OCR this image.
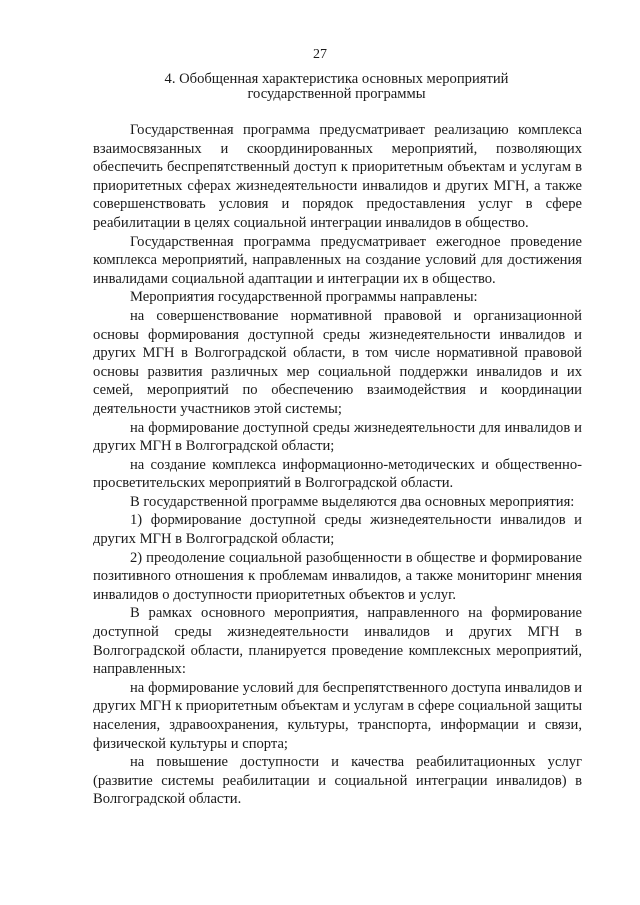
27
4. Обобщенная характеристика основных мероприятий
государственной программы

Государственная программа предусматривает реализацию комплекса взаимосвязанных и скоординированных мероприятий, позволяющих обеспечить беспрепятственный доступ к приоритетным объектам и услугам в приоритетных сферах жизнедеятельности инвалидов и других МГН, а также совершенствовать условия и порядок предоставления услуг в сфере реабилитации в целях социальной интеграции инвалидов в общество.

Государственная программа предусматривает ежегодное проведение комплекса мероприятий, направленных на создание условий для достижения инвалидами социальной адаптации и интеграции их в общество.

Мероприятия государственной программы направлены:

на совершенствование нормативной правовой и организационной основы формирования доступной среды жизнедеятельности инвалидов и других МГН в Волгоградской области, в том числе нормативной правовой основы развития различных мер социальной поддержки инвалидов и их семей, мероприятий по обеспечению взаимодействия и координации деятельности участников этой системы;

на формирование доступной среды жизнедеятельности для инвалидов и других МГН в Волгоградской области;

на создание комплекса информационно-методических и общественно-просветительских мероприятий в Волгоградской области.

В государственной программе выделяются два основных мероприятия:

1) формирование доступной среды жизнедеятельности инвалидов и других МГН в Волгоградской области;

2) преодоление социальной разобщенности в обществе и формирование позитивного отношения к проблемам инвалидов, а также мониторинг мнения инвалидов о доступности приоритетных объектов и услуг.

В рамках основного мероприятия, направленного на формирование доступной среды жизнедеятельности инвалидов и других МГН в Волгоградской области, планируется проведение комплексных мероприятий, направленных:

на формирование условий для беспрепятственного доступа инвалидов и других МГН к приоритетным объектам и услугам в сфере социальной защиты населения, здравоохранения, культуры, транспорта, информации и связи, физической культуры и спорта;

на повышение доступности и качества реабилитационных услуг (развитие системы реабилитации и социальной интеграции инвалидов) в Волгоградской области.
